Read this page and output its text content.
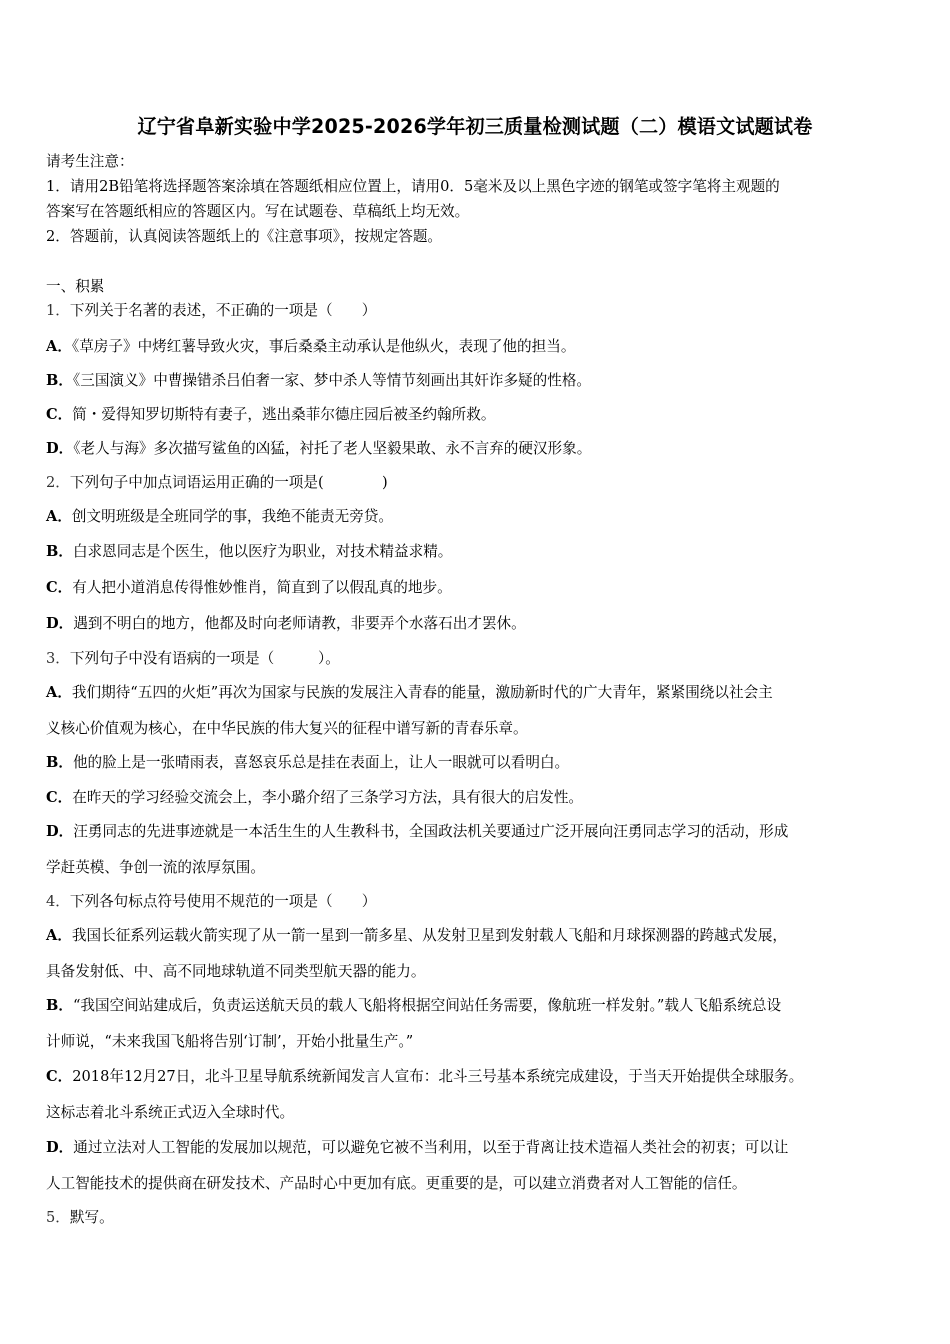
辽宁省阜新实验中学2025-2026学年初三质量检测试题（二）模语文试题试卷
请考生注意：
1．请用2B铅笔将选择题答案涂填在答题纸相应位置上，请用0．5毫米及以上黑色字迹的钢笔或签字笔将主观题的
答案写在答题纸相应的答题区内。写在试题卷、草稿纸上均无效。
2．答题前，认真阅读答题纸上的《注意事项》，按规定答题。
一、积累
1．下列关于名著的表述，不正确的一项是（　　）
A．《草房子》中烤红薯导致火灾，事后桑桑主动承认是他纵火，表现了他的担当。
B．《三国演义》中曹操错杀吕伯奢一家、梦中杀人等情节刻画出其奸诈多疑的性格。
C．简・爱得知罗切斯特有妻子，逃出桑菲尔德庄园后被圣约翰所救。
D．《老人与海》多次描写鲨鱼的凶猛，衬托了老人坚毅果敢、永不言弃的硬汉形象。
2．下列句子中加点词语运用正确的一项是(　　　　)
A．创文明班级是全班同学的事，我绝不能责无旁贷。
B．白求恩同志是个医生，他以医疗为职业，对技术精益求精。
C．有人把小道消息传得惟妙惟肖，简直到了以假乱真的地步。
D．遇到不明白的地方，他都及时向老师请教，非要弄个水落石出才罢休。
3．下列句子中没有语病的一项是（　　　）。
A．我们期待“五四的火炬”再次为国家与民族的发展注入青春的能量，激励新时代的广大青年，紧紧围绕以社会主
义核心价值观为核心，在中华民族的伟大复兴的征程中谱写新的青春乐章。
B．他的脸上是一张晴雨表，喜怒哀乐总是挂在表面上，让人一眼就可以看明白。
C．在昨天的学习经验交流会上，李小璐介绍了三条学习方法，具有很大的启发性。
D．汪勇同志的先进事迹就是一本活生生的人生教科书，全国政法机关要通过广泛开展向汪勇同志学习的活动，形成
学赶英模、争创一流的浓厚氛围。
4．下列各句标点符号使用不规范的一项是（　　）
A．我国长征系列运载火箭实现了从一箭一星到一箭多星、从发射卫星到发射载人飞船和月球探测器的跨越式发展，
具备发射低、中、高不同地球轨道不同类型航天器的能力。
B．“我国空间站建成后，负责运送航天员的载人飞船将根据空间站任务需要，像航班一样发射。”载人飞船系统总设
计师说，“未来我国飞船将告别‘订制’，开始小批量生产。”
C．2018年12月27日，北斗卫星导航系统新闻发言人宣布：北斗三号基本系统完成建设，于当天开始提供全球服务。
这标志着北斗系统正式迈入全球时代。
D．通过立法对人工智能的发展加以规范，可以避免它被不当利用，以至于背离让技术造福人类社会的初衷；可以让
人工智能技术的提供商在研发技术、产品时心中更加有底。更重要的是，可以建立消费者对人工智能的信任。
5．默写。
